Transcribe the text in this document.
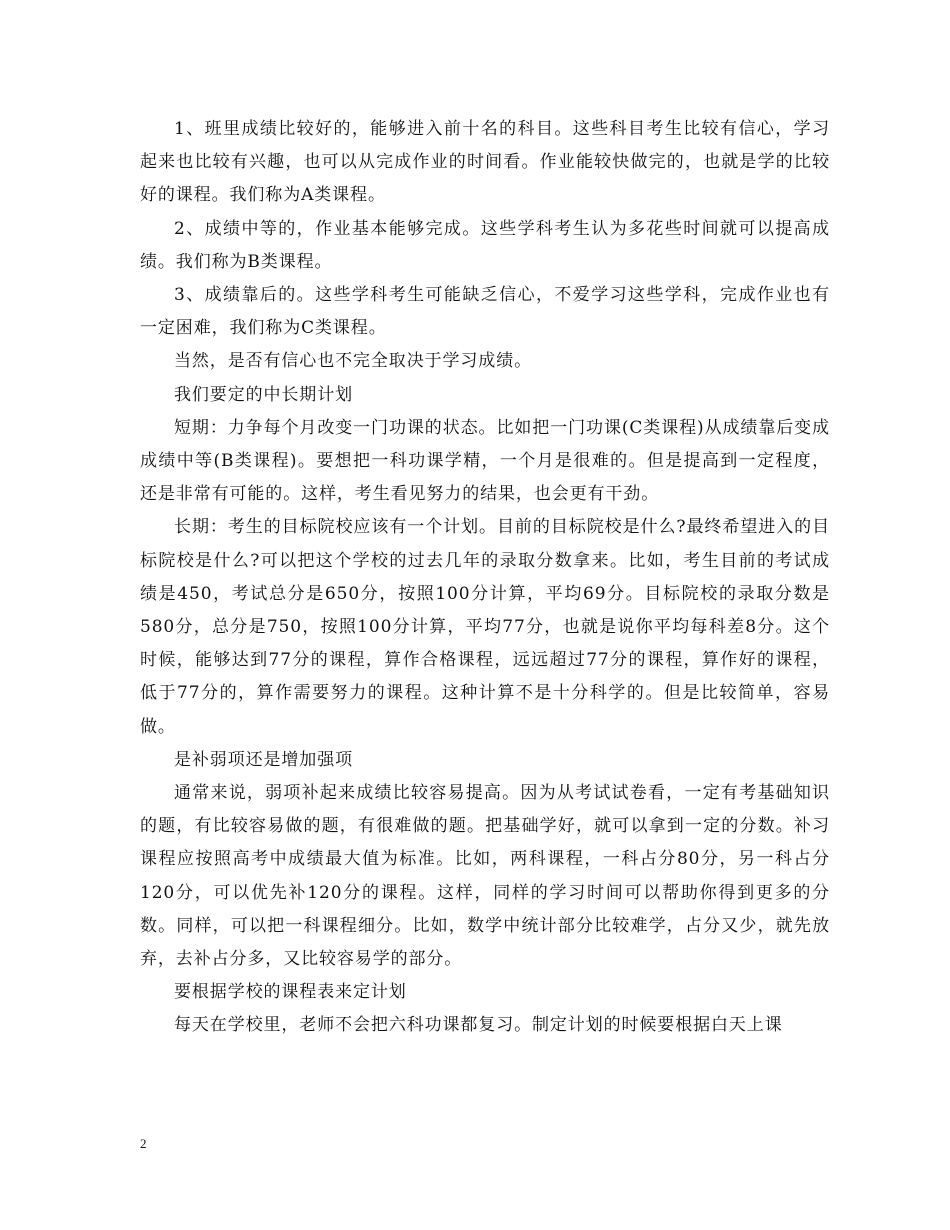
1、班里成绩比较好的，能够进入前十名的科目。这些科目考生比较有信心，学习起来也比较有兴趣，也可以从完成作业的时间看。作业能较快做完的，也就是学的比较好的课程。我们称为A类课程。

2、成绩中等的，作业基本能够完成。这些学科考生认为多花些时间就可以提高成绩。我们称为B类课程。

3、成绩靠后的。这些学科考生可能缺乏信心，不爱学习这些学科，完成作业也有一定困难，我们称为C类课程。

当然，是否有信心也不完全取决于学习成绩。

我们要定的中长期计划

短期：力争每个月改变一门功课的状态。比如把一门功课(C类课程)从成绩靠后变成成绩中等(B类课程)。要想把一科功课学精，一个月是很难的。但是提高到一定程度，还是非常有可能的。这样，考生看见努力的结果，也会更有干劲。

长期：考生的目标院校应该有一个计划。目前的目标院校是什么?最终希望进入的目标院校是什么?可以把这个学校的过去几年的录取分数拿来。比如，考生目前的考试成绩是450，考试总分是650分，按照100分计算，平均69分。目标院校的录取分数是580分，总分是750，按照100分计算，平均77分，也就是说你平均每科差8分。这个时候，能够达到77分的课程，算作合格课程，远远超过77分的课程，算作好的课程，低于77分的，算作需要努力的课程。这种计算不是十分科学的。但是比较简单，容易做。

是补弱项还是增加强项

通常来说，弱项补起来成绩比较容易提高。因为从考试试卷看，一定有考基础知识的题，有比较容易做的题，有很难做的题。把基础学好，就可以拿到一定的分数。补习课程应按照高考中成绩最大值为标准。比如，两科课程，一科占分80分，另一科占分120分，可以优先补120分的课程。这样，同样的学习时间可以帮助你得到更多的分数。同样，可以把一科课程细分。比如，数学中统计部分比较难学，占分又少，就先放弃，去补占分多，又比较容易学的部分。

要根据学校的课程表来定计划

每天在学校里，老师不会把六科功课都复习。制定计划的时候要根据白天上课

2
